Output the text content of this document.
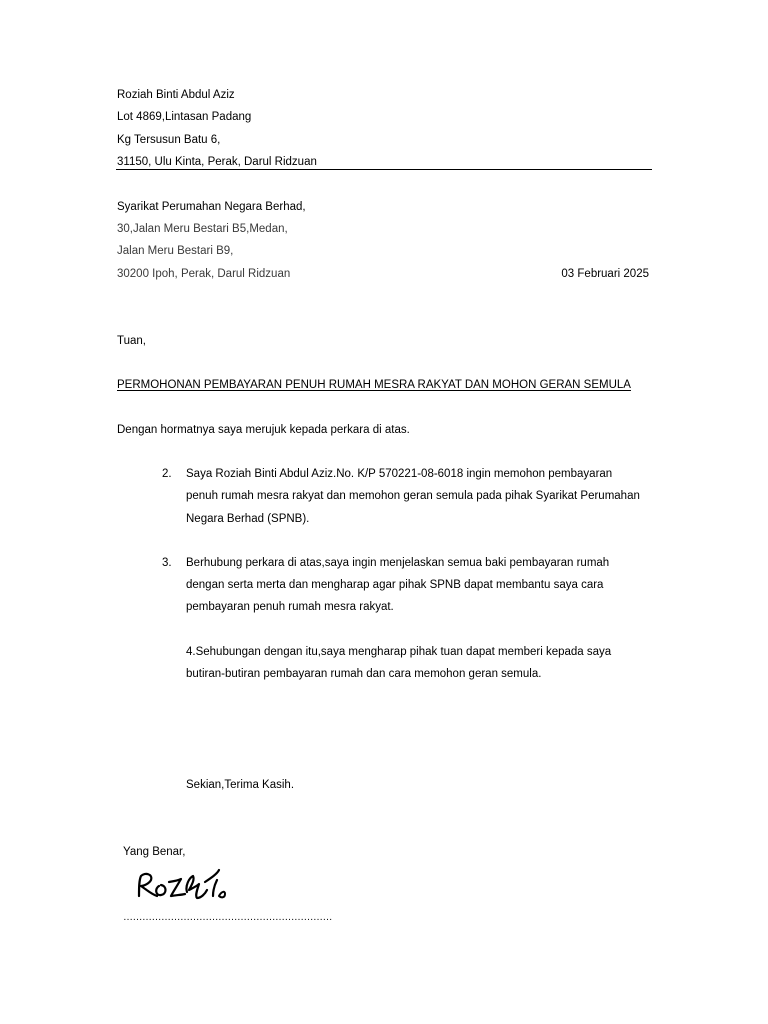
Roziah Binti Abdul Aziz
Lot 4869,Lintasan Padang
Kg Tersusun Batu 6,
31150, Ulu Kinta, Perak, Darul Ridzuan
Syarikat Perumahan Negara Berhad,
30,Jalan Meru Bestari B5,Medan,
Jalan Meru Bestari B9,
30200 Ipoh, Perak, Darul Ridzuan	03 Februari 2025
Tuan,
PERMOHONAN PEMBAYARAN PENUH RUMAH MESRA RAKYAT DAN MOHON GERAN SEMULA
Dengan hormatnya saya merujuk kepada perkara di atas.
2. Saya Roziah Binti Abdul Aziz.No. K/P 570221-08-6018 ingin memohon pembayaran
penuh rumah mesra rakyat dan memohon geran semula pada pihak Syarikat Perumahan
Negara Berhad (SPNB).
3. Berhubung perkara di atas,saya ingin menjelaskan semua baki pembayaran rumah
dengan serta merta dan mengharap agar pihak SPNB dapat membantu saya cara
pembayaran penuh rumah mesra rakyat.
4.Sehubungan dengan itu,saya mengharap pihak tuan dapat memberi kepada saya
butiran-butiran pembayaran rumah dan cara memohon geran semula.
Sekian,Terima Kasih.
Yang Benar,
…………………………………………………………
